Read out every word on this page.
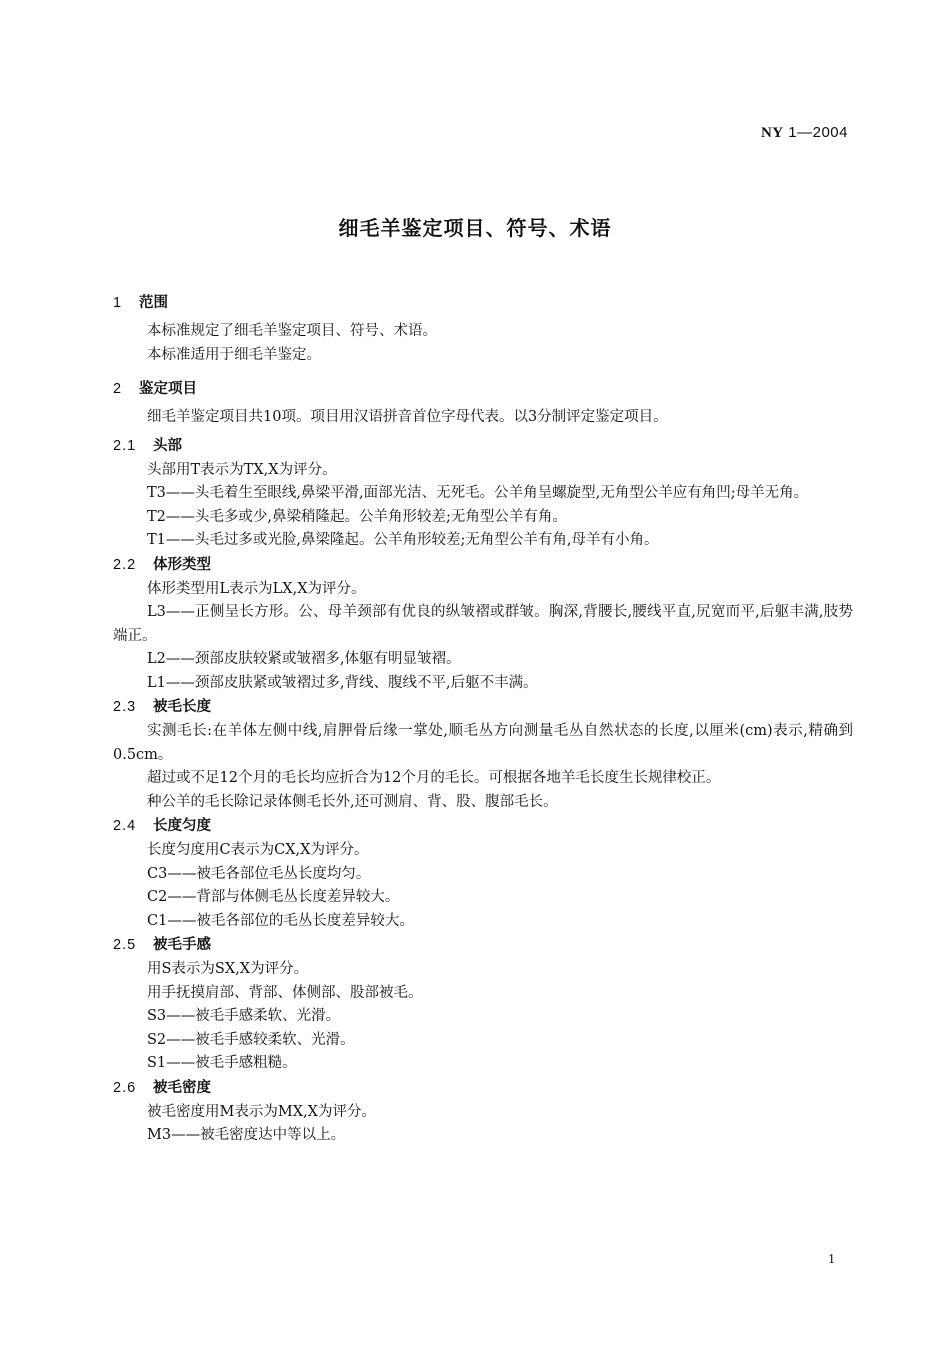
NY 1—2004
细毛羊鉴定项目、符号、术语
1 范围
本标准规定了细毛羊鉴定项目、符号、术语。
本标准适用于细毛羊鉴定。
2 鉴定项目
细毛羊鉴定项目共10项。项目用汉语拼音首位字母代表。以3分制评定鉴定项目。
2.1 头部
头部用T表示为TX,X为评分。
T3——头毛着生至眼线,鼻梁平滑,面部光洁、无死毛。公羊角呈螺旋型,无角型公羊应有角凹;母羊无角。
T2——头毛多或少,鼻梁稍隆起。公羊角形较差;无角型公羊有角。
T1——头毛过多或光脸,鼻梁隆起。公羊角形较差;无角型公羊有角,母羊有小角。
2.2 体形类型
体形类型用L表示为LX,X为评分。
L3——正侧呈长方形。公、母羊颈部有优良的纵皱褶或群皱。胸深,背腰长,腰线平直,尻宽而平,后躯丰满,肢势端正。
L2——颈部皮肤较紧或皱褶多,体躯有明显皱褶。
L1——颈部皮肤紧或皱褶过多,背线、腹线不平,后躯不丰满。
2.3 被毛长度
实测毛长:在羊体左侧中线,肩胛骨后缘一掌处,顺毛丛方向测量毛丛自然状态的长度,以厘米(cm)表示,精确到0.5cm。
超过或不足12个月的毛长均应折合为12个月的毛长。可根据各地羊毛长度生长规律校正。
种公羊的毛长除记录体侧毛长外,还可测肩、背、股、腹部毛长。
2.4 长度匀度
长度匀度用C表示为CX,X为评分。
C3——被毛各部位毛丛长度均匀。
C2——背部与体侧毛丛长度差异较大。
C1——被毛各部位的毛丛长度差异较大。
2.5 被毛手感
用S表示为SX,X为评分。
用手抚摸肩部、背部、体侧部、股部被毛。
S3——被毛手感柔软、光滑。
S2——被毛手感较柔软、光滑。
S1——被毛手感粗糙。
2.6 被毛密度
被毛密度用M表示为MX,X为评分。
M3——被毛密度达中等以上。
1
